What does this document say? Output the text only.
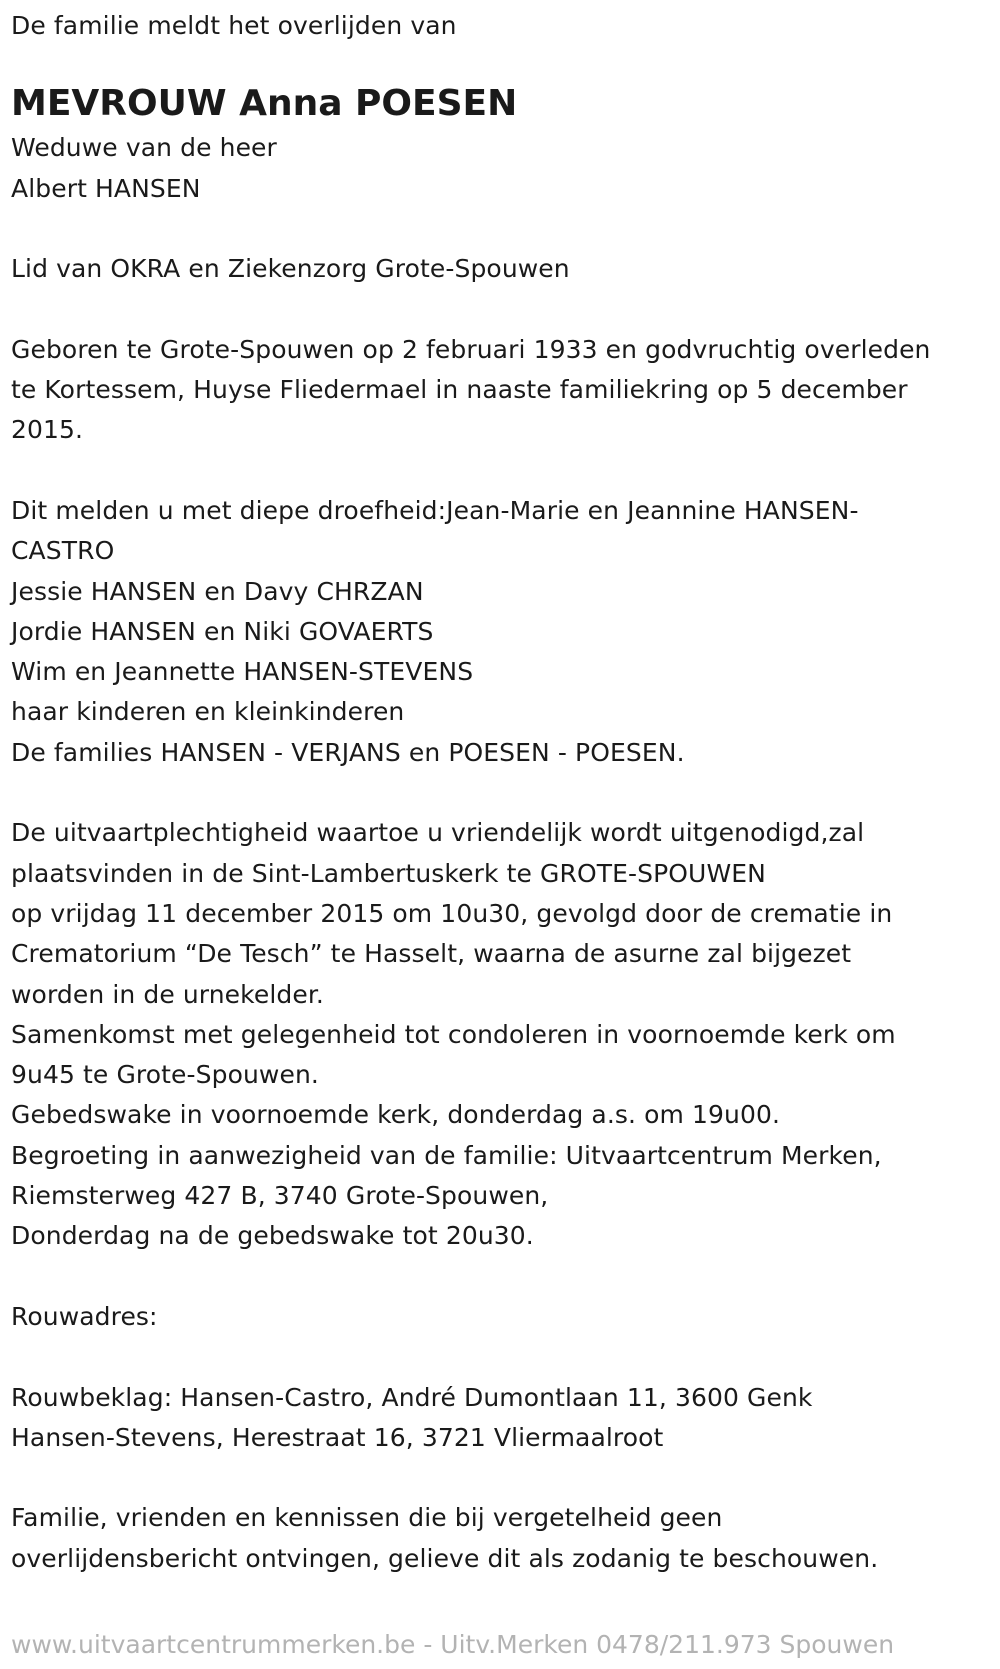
De familie meldt het overlijden van
MEVROUW Anna POESEN
Weduwe van de heer
Albert HANSEN
Lid van OKRA en Ziekenzorg Grote-Spouwen
Geboren te Grote-Spouwen op 2 februari 1933 en godvruchtig overleden
te Kortessem, Huyse Fliedermael in naaste familiekring op 5 december
2015.
Dit melden u met diepe droefheid:Jean-Marie en Jeannine HANSEN-
CASTRO
Jessie HANSEN en Davy CHRZAN
Jordie HANSEN en Niki GOVAERTS
Wim en Jeannette HANSEN-STEVENS
haar kinderen en kleinkinderen
De families HANSEN - VERJANS en POESEN - POESEN.
De uitvaartplechtigheid waartoe u vriendelijk wordt uitgenodigd,zal
plaatsvinden in de Sint-Lambertuskerk te GROTE-SPOUWEN
op vrijdag 11 december 2015 om 10u30, gevolgd door de crematie in
Crematorium “De Tesch” te Hasselt, waarna de asurne zal bijgezet
worden in de urnekelder.
Samenkomst met gelegenheid tot condoleren in voornoemde kerk om
9u45 te Grote-Spouwen.
Gebedswake in voornoemde kerk, donderdag a.s. om 19u00.
Begroeting in aanwezigheid van de familie: Uitvaartcentrum Merken,
Riemsterweg 427 B, 3740 Grote-Spouwen,
Donderdag na de gebedswake tot 20u30.
Rouwadres:
Rouwbeklag: Hansen-Castro, André Dumontlaan 11, 3600 Genk
Hansen-Stevens, Herestraat 16, 3721 Vliermaalroot
Familie, vrienden en kennissen die bij vergetelheid geen
overlijdensbericht ontvingen, gelieve dit als zodanig te beschouwen.
www.uitvaartcentrummerken.be - Uitv.Merken 0478/211.973 Spouwen
